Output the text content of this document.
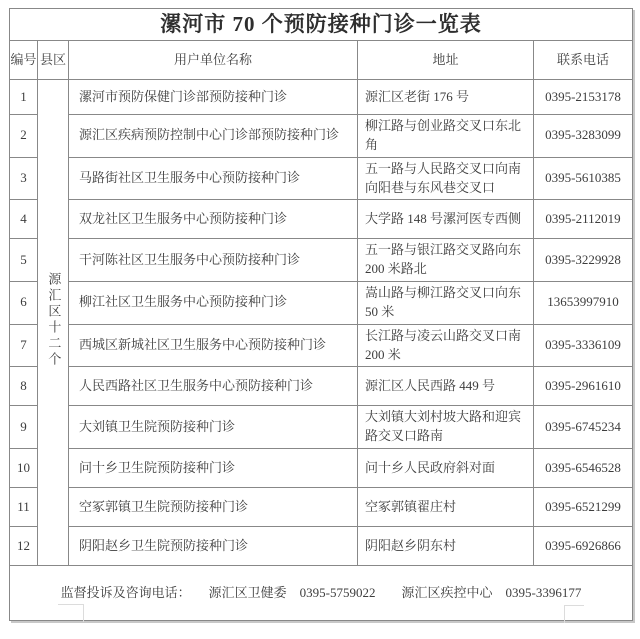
漯河市 70 个预防接种门诊一览表				
编号	县区	用户单位名称	地址	联系电话
1	源汇区十二个	漯河市预防保健门诊部预防接种门诊	源汇区老街 176 号	0395-2153178
2		源汇区疾病预防控制中心门诊部预防接种门诊	柳江路与创业路交叉口东北角	0395-3283099
3		马路街社区卫生服务中心预防接种门诊	五一路与人民路交叉口向南向阳巷与东风巷交叉口	0395-5610385
4		双龙社区卫生服务中心预防接种门诊	大学路 148 号漯河医专西侧	0395-2112019
5		干河陈社区卫生服务中心预防接种门诊	五一路与银江路交叉路向东 200 米路北	0395-3229928
6		柳江社区卫生服务中心预防接种门诊	嵩山路与柳江路交叉口向东 50 米	13653997910
7		西城区新城社区卫生服务中心预防接种门诊	长江路与凌云山路交叉口南 200 米	0395-3336109
8		人民西路社区卫生服务中心预防接种门诊	源汇区人民西路 449 号	0395-2961610
9		大刘镇卫生院预防接种门诊	大刘镇大刘村坡大路和迎宾路交叉口路南	0395-6745234
10		问十乡卫生院预防接种门诊	问十乡人民政府斜对面	0395-6546528
11		空冢郭镇卫生院预防接种门诊	空冢郭镇翟庄村	0395-6521299
12		阴阳赵乡卫生院预防接种门诊	阴阳赵乡阴东村	0395-6926866

监督投诉及咨询电话： 源汇区卫健委 0395-5759022 源汇区疾控中心 0395-3396177				
